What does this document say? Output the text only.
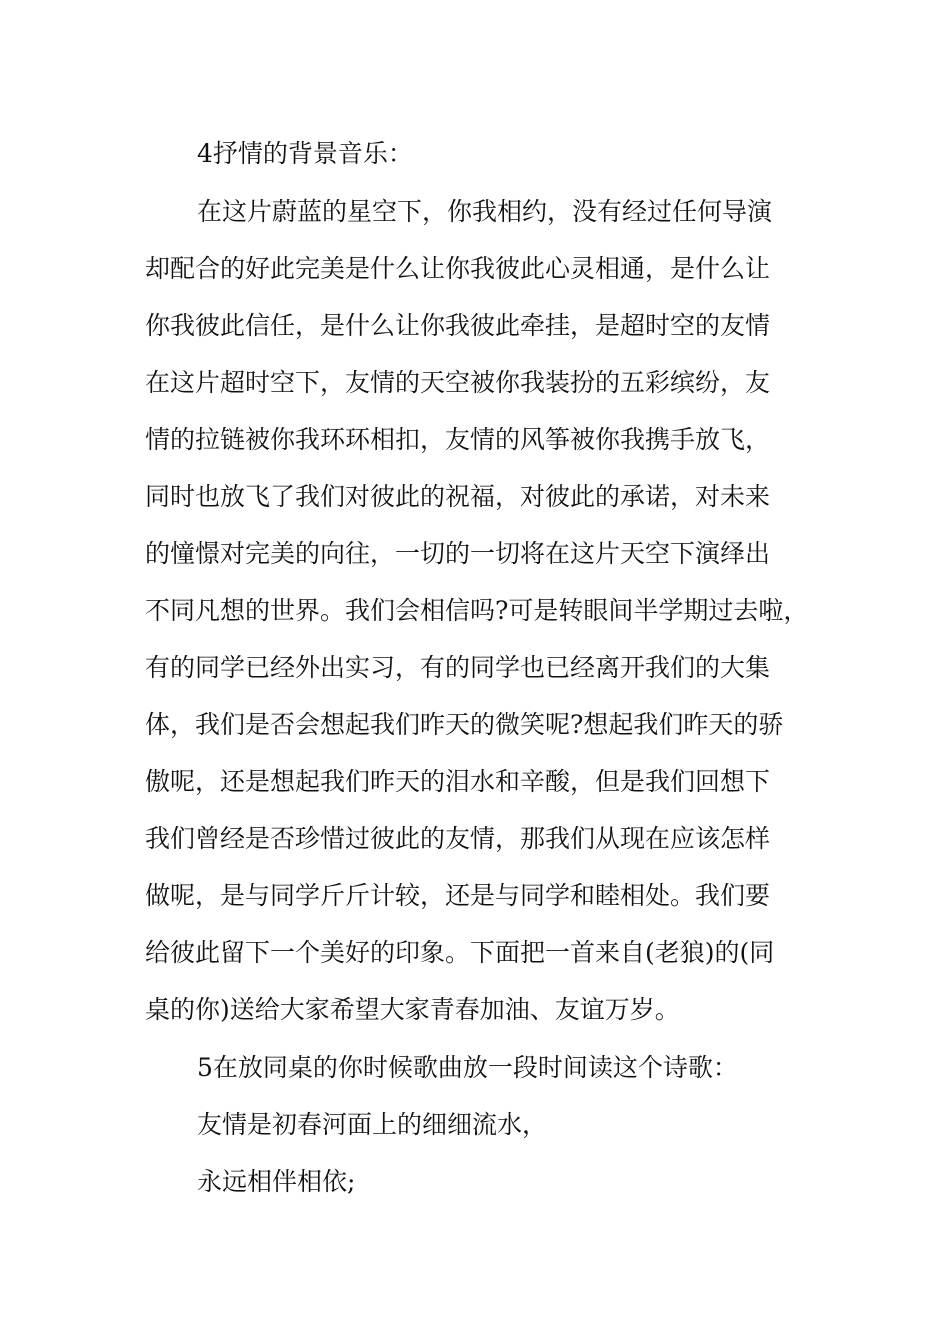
4抒情的背景音乐：
在这片蔚蓝的星空下，你我相约，没有经过任何导演
却配合的好此完美是什么让你我彼此心灵相通，是什么让
你我彼此信任，是什么让你我彼此牵挂，是超时空的友情
在这片超时空下，友情的天空被你我装扮的五彩缤纷，友
情的拉链被你我环环相扣，友情的风筝被你我携手放飞，
同时也放飞了我们对彼此的祝福，对彼此的承诺，对未来
的憧憬对完美的向往，一切的一切将在这片天空下演绎出
不同凡想的世界。我们会相信吗?可是转眼间半学期过去啦，
有的同学已经外出实习，有的同学也已经离开我们的大集
体，我们是否会想起我们昨天的微笑呢?想起我们昨天的骄
傲呢，还是想起我们昨天的泪水和辛酸，但是我们回想下
我们曾经是否珍惜过彼此的友情，那我们从现在应该怎样
做呢，是与同学斤斤计较，还是与同学和睦相处。我们要
给彼此留下一个美好的印象。下面把一首来自(老狼)的(同
桌的你)送给大家希望大家青春加油、友谊万岁。
5在放同桌的你时候歌曲放一段时间读这个诗歌：
友情是初春河面上的细细流水，
永远相伴相依;
